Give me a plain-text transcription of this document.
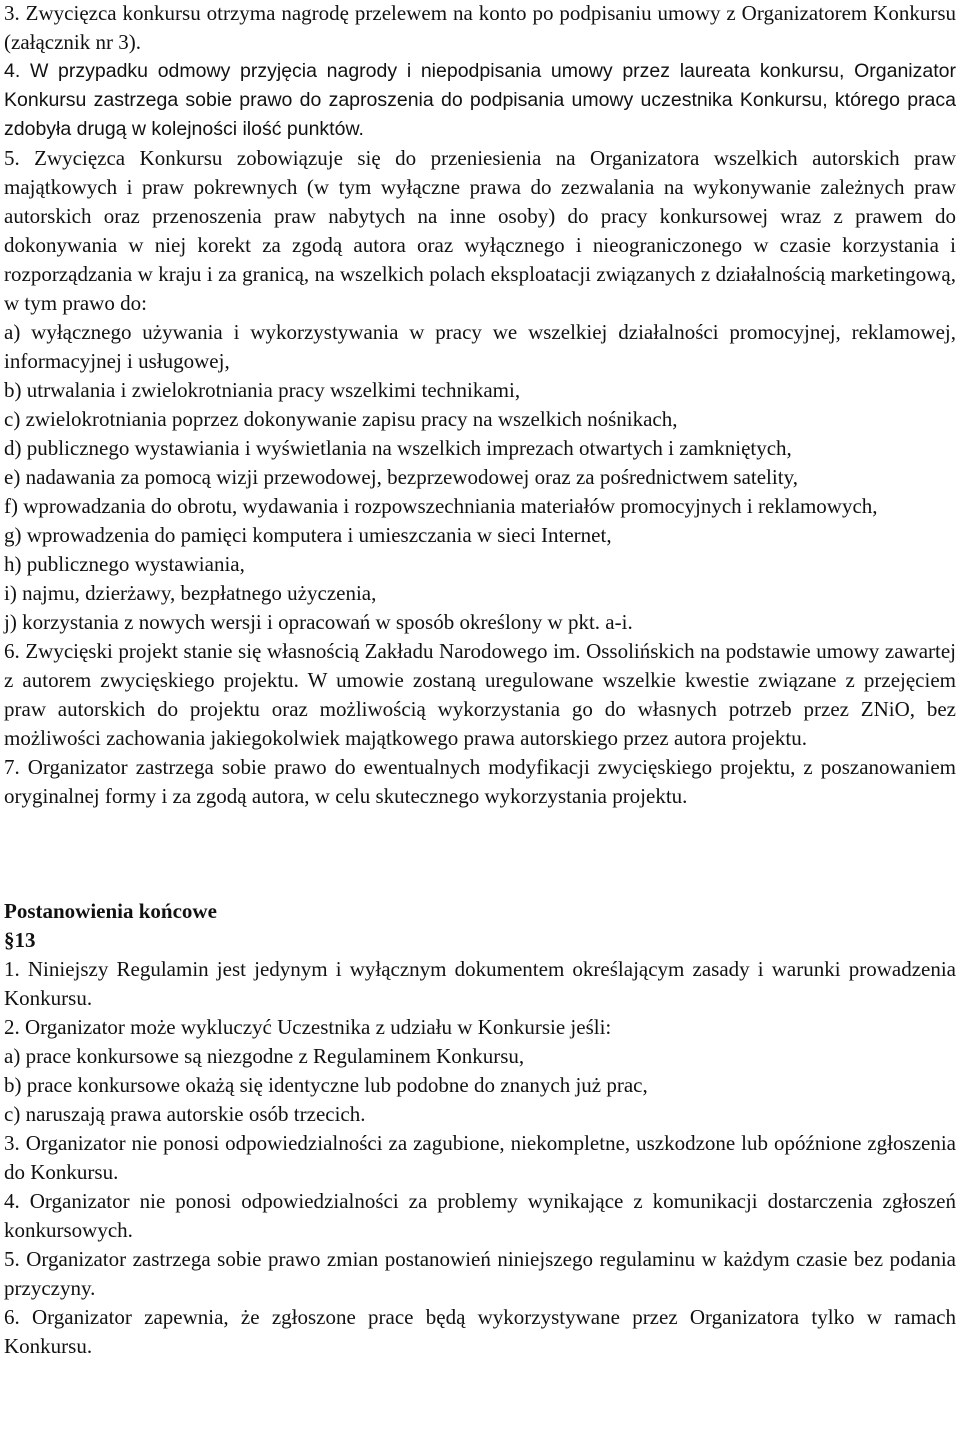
3. Zwycięzca konkursu otrzyma nagrodę przelewem na konto po podpisaniu umowy z Organizatorem Konkursu (załącznik nr 3).

4. W przypadku odmowy przyjęcia nagrody i niepodpisania umowy przez laureata konkursu, Organizator Konkursu zastrzega sobie prawo do zaproszenia do podpisania umowy uczestnika Konkursu, którego praca zdobyła drugą w kolejności ilość punktów.

5. Zwycięzca Konkursu zobowiązuje się do przeniesienia na Organizatora wszelkich autorskich praw majątkowych i praw pokrewnych (w tym wyłączne prawa do zezwalania na wykonywanie zależnych praw autorskich oraz przenoszenia praw nabytych na inne osoby) do pracy konkursowej wraz z prawem do dokonywania w niej korekt za zgodą autora oraz wyłącznego i nieograniczonego w czasie korzystania i rozporządzania w kraju i za granicą, na wszelkich polach eksploatacji związanych z działalnością marketingową, w tym prawo do:

a) wyłącznego używania i wykorzystywania w pracy we wszelkiej działalności promocyjnej, reklamowej, informacyjnej i usługowej,

b) utrwalania i zwielokrotniania pracy wszelkimi technikami,

c) zwielokrotniania poprzez dokonywanie zapisu pracy na wszelkich nośnikach,

d) publicznego wystawiania i wyświetlania na wszelkich imprezach otwartych i zamkniętych,

e) nadawania za pomocą wizji przewodowej, bezprzewodowej oraz za pośrednictwem satelity,

f) wprowadzania do obrotu, wydawania i rozpowszechniania materiałów promocyjnych i reklamowych,

g) wprowadzenia do pamięci komputera i umieszczania w sieci Internet,

h) publicznego wystawiania,

i) najmu, dzierżawy, bezpłatnego użyczenia,

j) korzystania z nowych wersji i opracowań w sposób określony w pkt. a-i.

6. Zwycięski projekt stanie się własnością Zakładu Narodowego im. Ossolińskich na podstawie umowy zawartej z autorem zwycięskiego projektu. W umowie zostaną uregulowane wszelkie kwestie związane z przejęciem praw autorskich do projektu oraz możliwością wykorzystania go do własnych potrzeb przez ZNiO, bez możliwości zachowania jakiegokolwiek majątkowego prawa autorskiego przez autora projektu.

7. Organizator zastrzega sobie prawo do ewentualnych modyfikacji zwycięskiego projektu, z poszanowaniem oryginalnej formy i za zgodą autora, w celu skutecznego wykorzystania projektu.

Postanowienia końcowe

§13

1. Niniejszy Regulamin jest jedynym i wyłącznym dokumentem określającym zasady i warunki prowadzenia Konkursu.

2. Organizator może wykluczyć Uczestnika z udziału w Konkursie jeśli:

a) prace konkursowe są niezgodne z Regulaminem Konkursu,

b) prace konkursowe okażą się identyczne lub podobne do znanych już prac,

c) naruszają prawa autorskie osób trzecich.

3. Organizator nie ponosi odpowiedzialności za zagubione, niekompletne, uszkodzone lub opóźnione zgłoszenia do Konkursu.

4. Organizator nie ponosi odpowiedzialności za problemy wynikające z komunikacji dostarczenia zgłoszeń konkursowych.

5. Organizator zastrzega sobie prawo zmian postanowień niniejszego regulaminu w każdym czasie bez podania przyczyny.

6. Organizator zapewnia, że zgłoszone prace będą wykorzystywane przez Organizatora tylko w ramach Konkursu.
